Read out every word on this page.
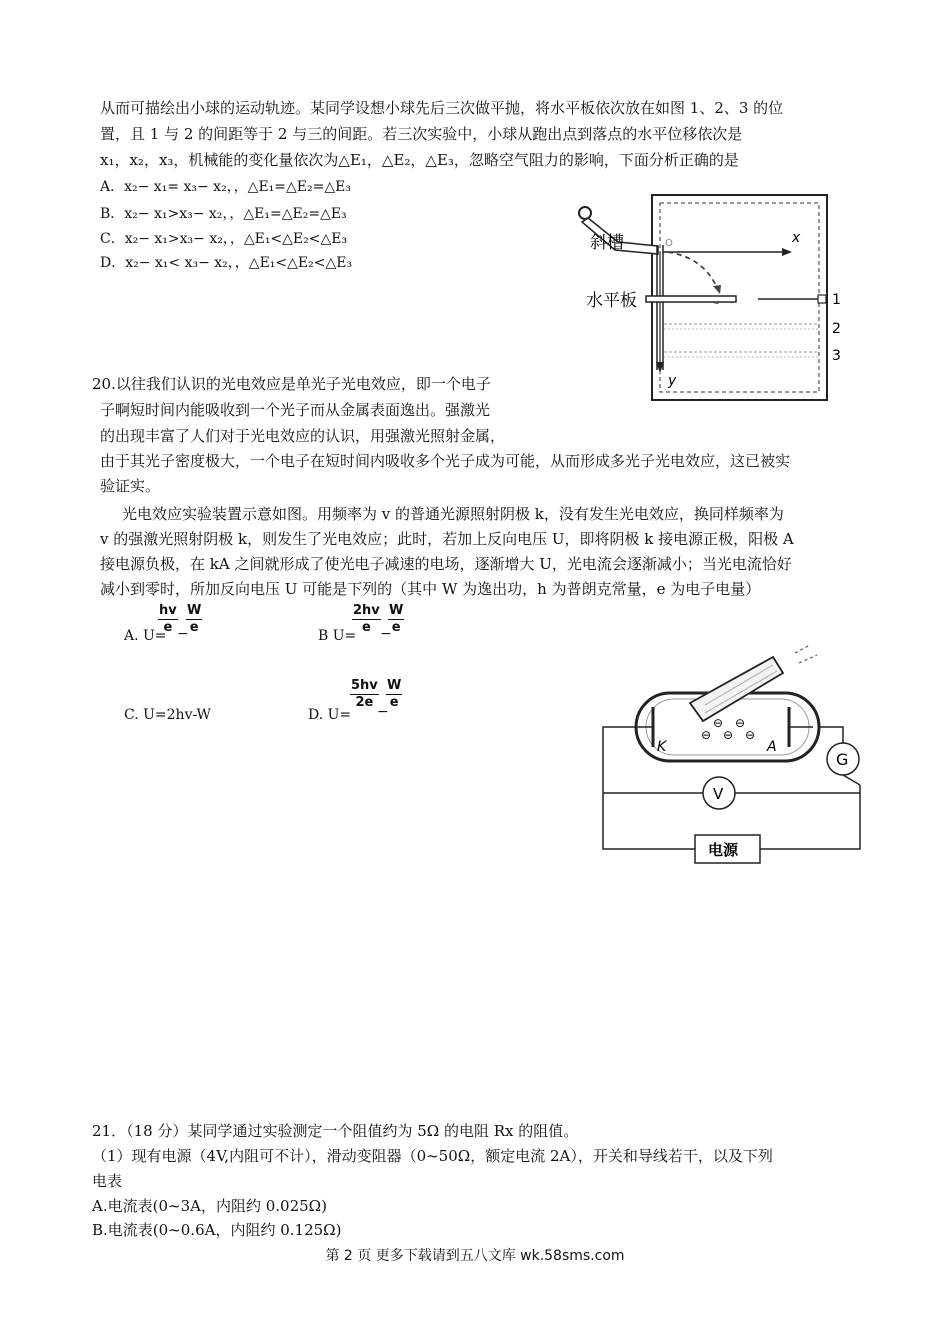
从而可描绘出小球的运动轨迹。某同学设想小球先后三次做平抛，将水平板依次放在如图 1、2、3 的位
置，且 1 与 2 的间距等于 2 与三的间距。若三次实验中，小球从跑出点到落点的水平位移依次是
x₁，x₂，x₃，机械能的变化量依次为△E₁，△E₂，△E₃，忽略空气阻力的影响，下面分析正确的是
A．x₂− x₁= x₃− x₂，，△E₁=△E₂=△E₃
B．x₂− x₁>x₃− x₂，，△E₁=△E₂=△E₃
C．x₂− x₁>x₃− x₂，，△E₁<△E₂<△E₃
D．x₂− x₁< x₃− x₂，，△E₁<△E₂<△E₃
x
O
y
1
2
3
斜槽
水平板
20.以往我们认识的光电效应是单光子光电效应，即一个电子
子啊短时间内能吸收到一个光子而从金属表面逸出。强激光
的出现丰富了人们对于光电效应的认识，用强激光照射金属，
由于其光子密度极大，一个电子在短时间内吸收多个光子成为可能，从而形成多光子光电效应，这已被实
验证实。
光电效应实验装置示意如图。用频率为 v 的普通光源照射阴极 k，没有发生光电效应，换同样频率为
v 的强激光照射阴极 k，则发生了光电效应；此时，若加上反向电压 U，即将阴极 k 接电源正极，阳极 A
接电源负极，在 kA 之间就形成了使光电子减速的电场，逐渐增大 U，光电流会逐渐减小；当光电流恰好
减小到零时，所加反向电压 U 可能是下列的（其中 W 为逸出功，h 为普朗克常量，e 为电子电量）
A. U=
$\frac{hv}{e}$ −
$\frac{W}{e}$	B U=
$\frac{2hv}{e}$ −
$\frac{W}{e}$
C. U=2hv-W	D. U=
$\frac{5hv}{2e}$
−
$\frac{W}{e}$
K	A
⊖ ⊖
⊖ ⊖ ⊖
G
V
电源
21．（18 分）某同学通过实验测定一个阻值约为 5Ω 的电阻 Rx 的阻值。
（1）现有电源（4V,内阻可不计），滑动变阻器（0~50Ω，额定电流 2A），开关和导线若干，以及下列
电表
A.电流表(0~3A，内阻约 0.025Ω)
B.电流表(0~0.6A，内阻约 0.125Ω)
第 2 页 更多下载请到五八文库 wk.58sms.com
